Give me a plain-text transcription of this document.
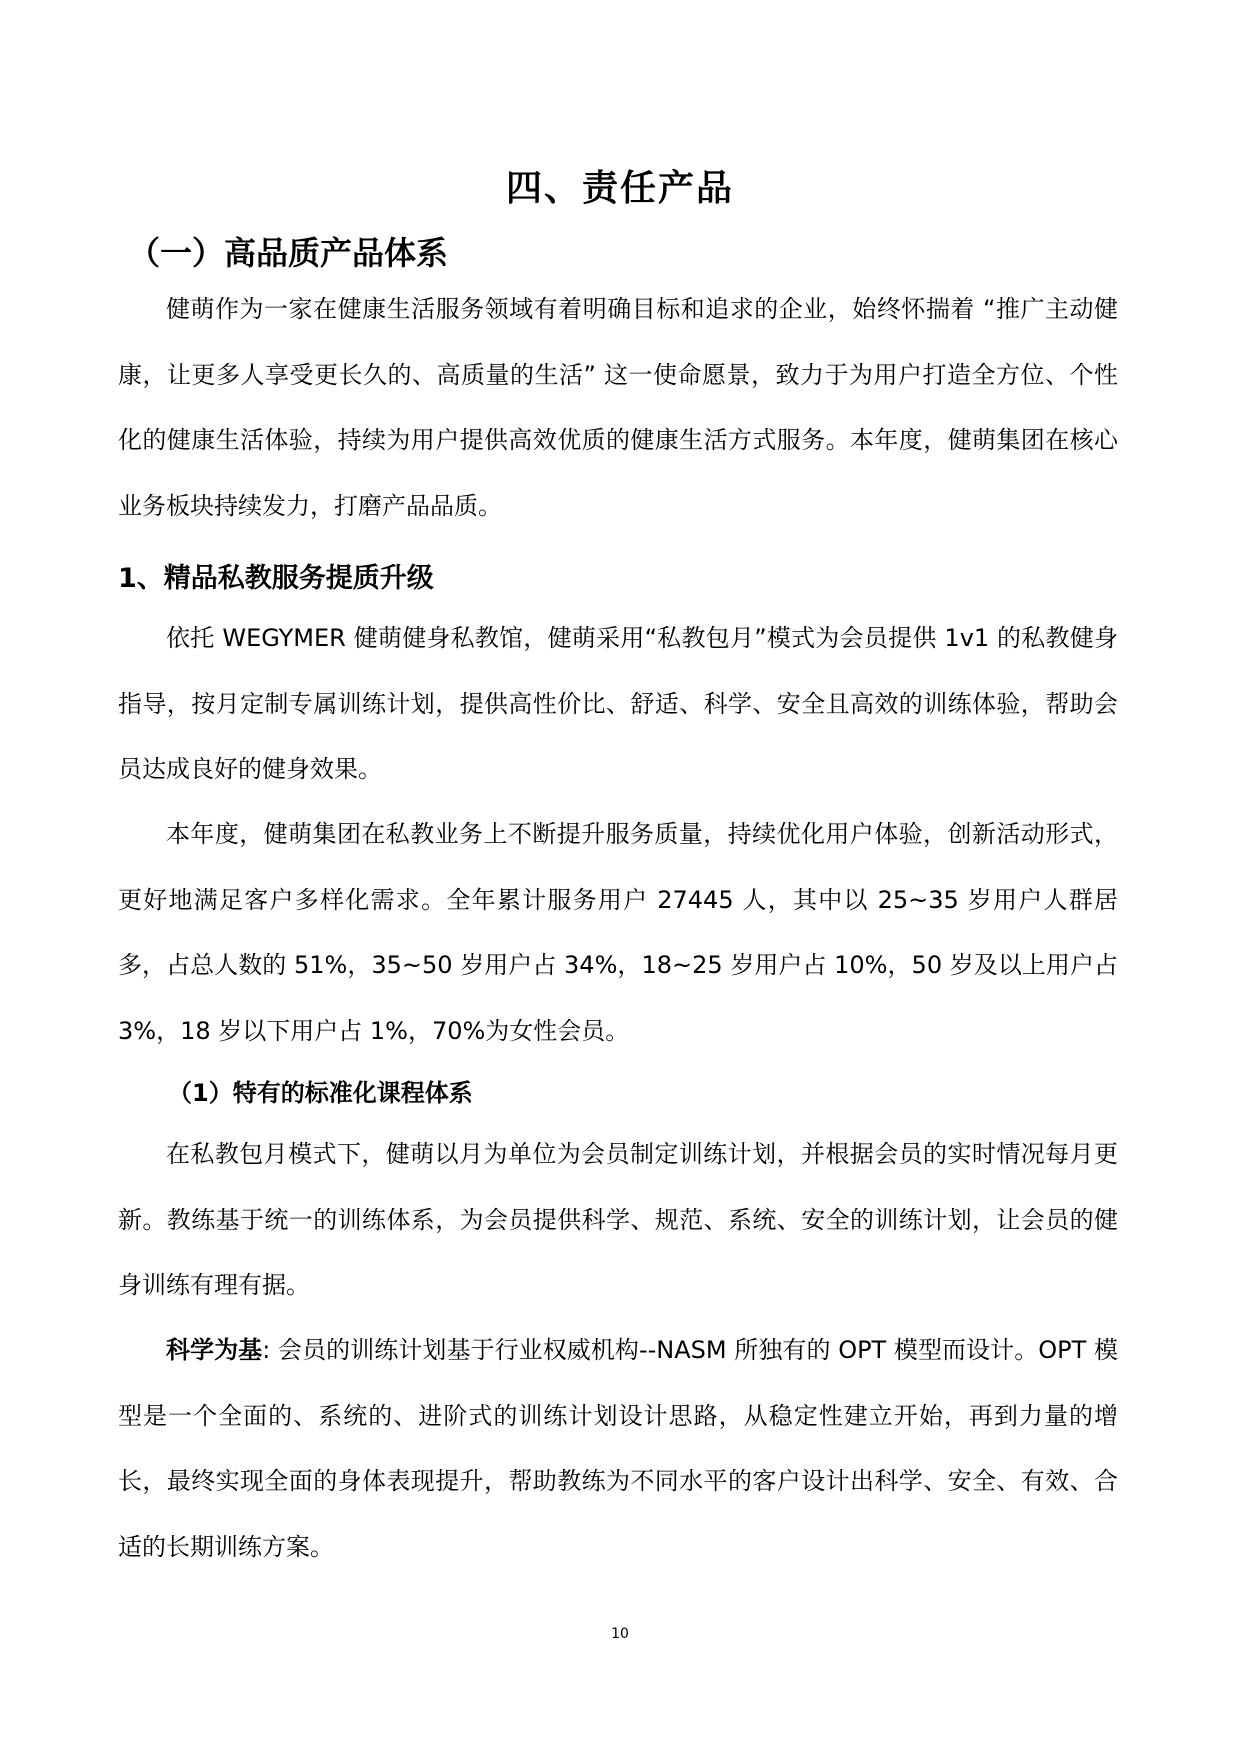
四、责任产品
（一）高品质产品体系

健萌作为一家在健康生活服务领域有着明确目标和追求的企业，始终怀揣着 “推广主动健康，让更多人享受更长久的、高质量的生活” 这一使命愿景，致力于为用户打造全方位、个性化的健康生活体验，持续为用户提供高效优质的健康生活方式服务。本年度，健萌集团在核心业务板块持续发力，打磨产品品质。

1、精品私教服务提质升级

依托 WEGYMER 健萌健身私教馆，健萌采用“私教包月”模式为会员提供 1v1 的私教健身指导，按月定制专属训练计划，提供高性价比、舒适、科学、安全且高效的训练体验，帮助会员达成良好的健身效果。

本年度，健萌集团在私教业务上不断提升服务质量，持续优化用户体验，创新活动形式，更好地满足客户多样化需求。全年累计服务用户 27445 人，其中以 25~35 岁用户人群居多，占总人数的 51%，35~50 岁用户占 34%，18~25 岁用户占 10%，50 岁及以上用户占 3%，18 岁以下用户占 1%，70%为女性会员。

（1）特有的标准化课程体系

在私教包月模式下，健萌以月为单位为会员制定训练计划，并根据会员的实时情况每月更新。教练基于统一的训练体系，为会员提供科学、规范、系统、安全的训练计划，让会员的健身训练有理有据。

科学为基: 会员的训练计划基于行业权威机构--NASM 所独有的 OPT 模型而设计。OPT 模型是一个全面的、系统的、进阶式的训练计划设计思路，从稳定性建立开始，再到力量的增长，最终实现全面的身体表现提升，帮助教练为不同水平的客户设计出科学、安全、有效、合适的长期训练方案。

10
